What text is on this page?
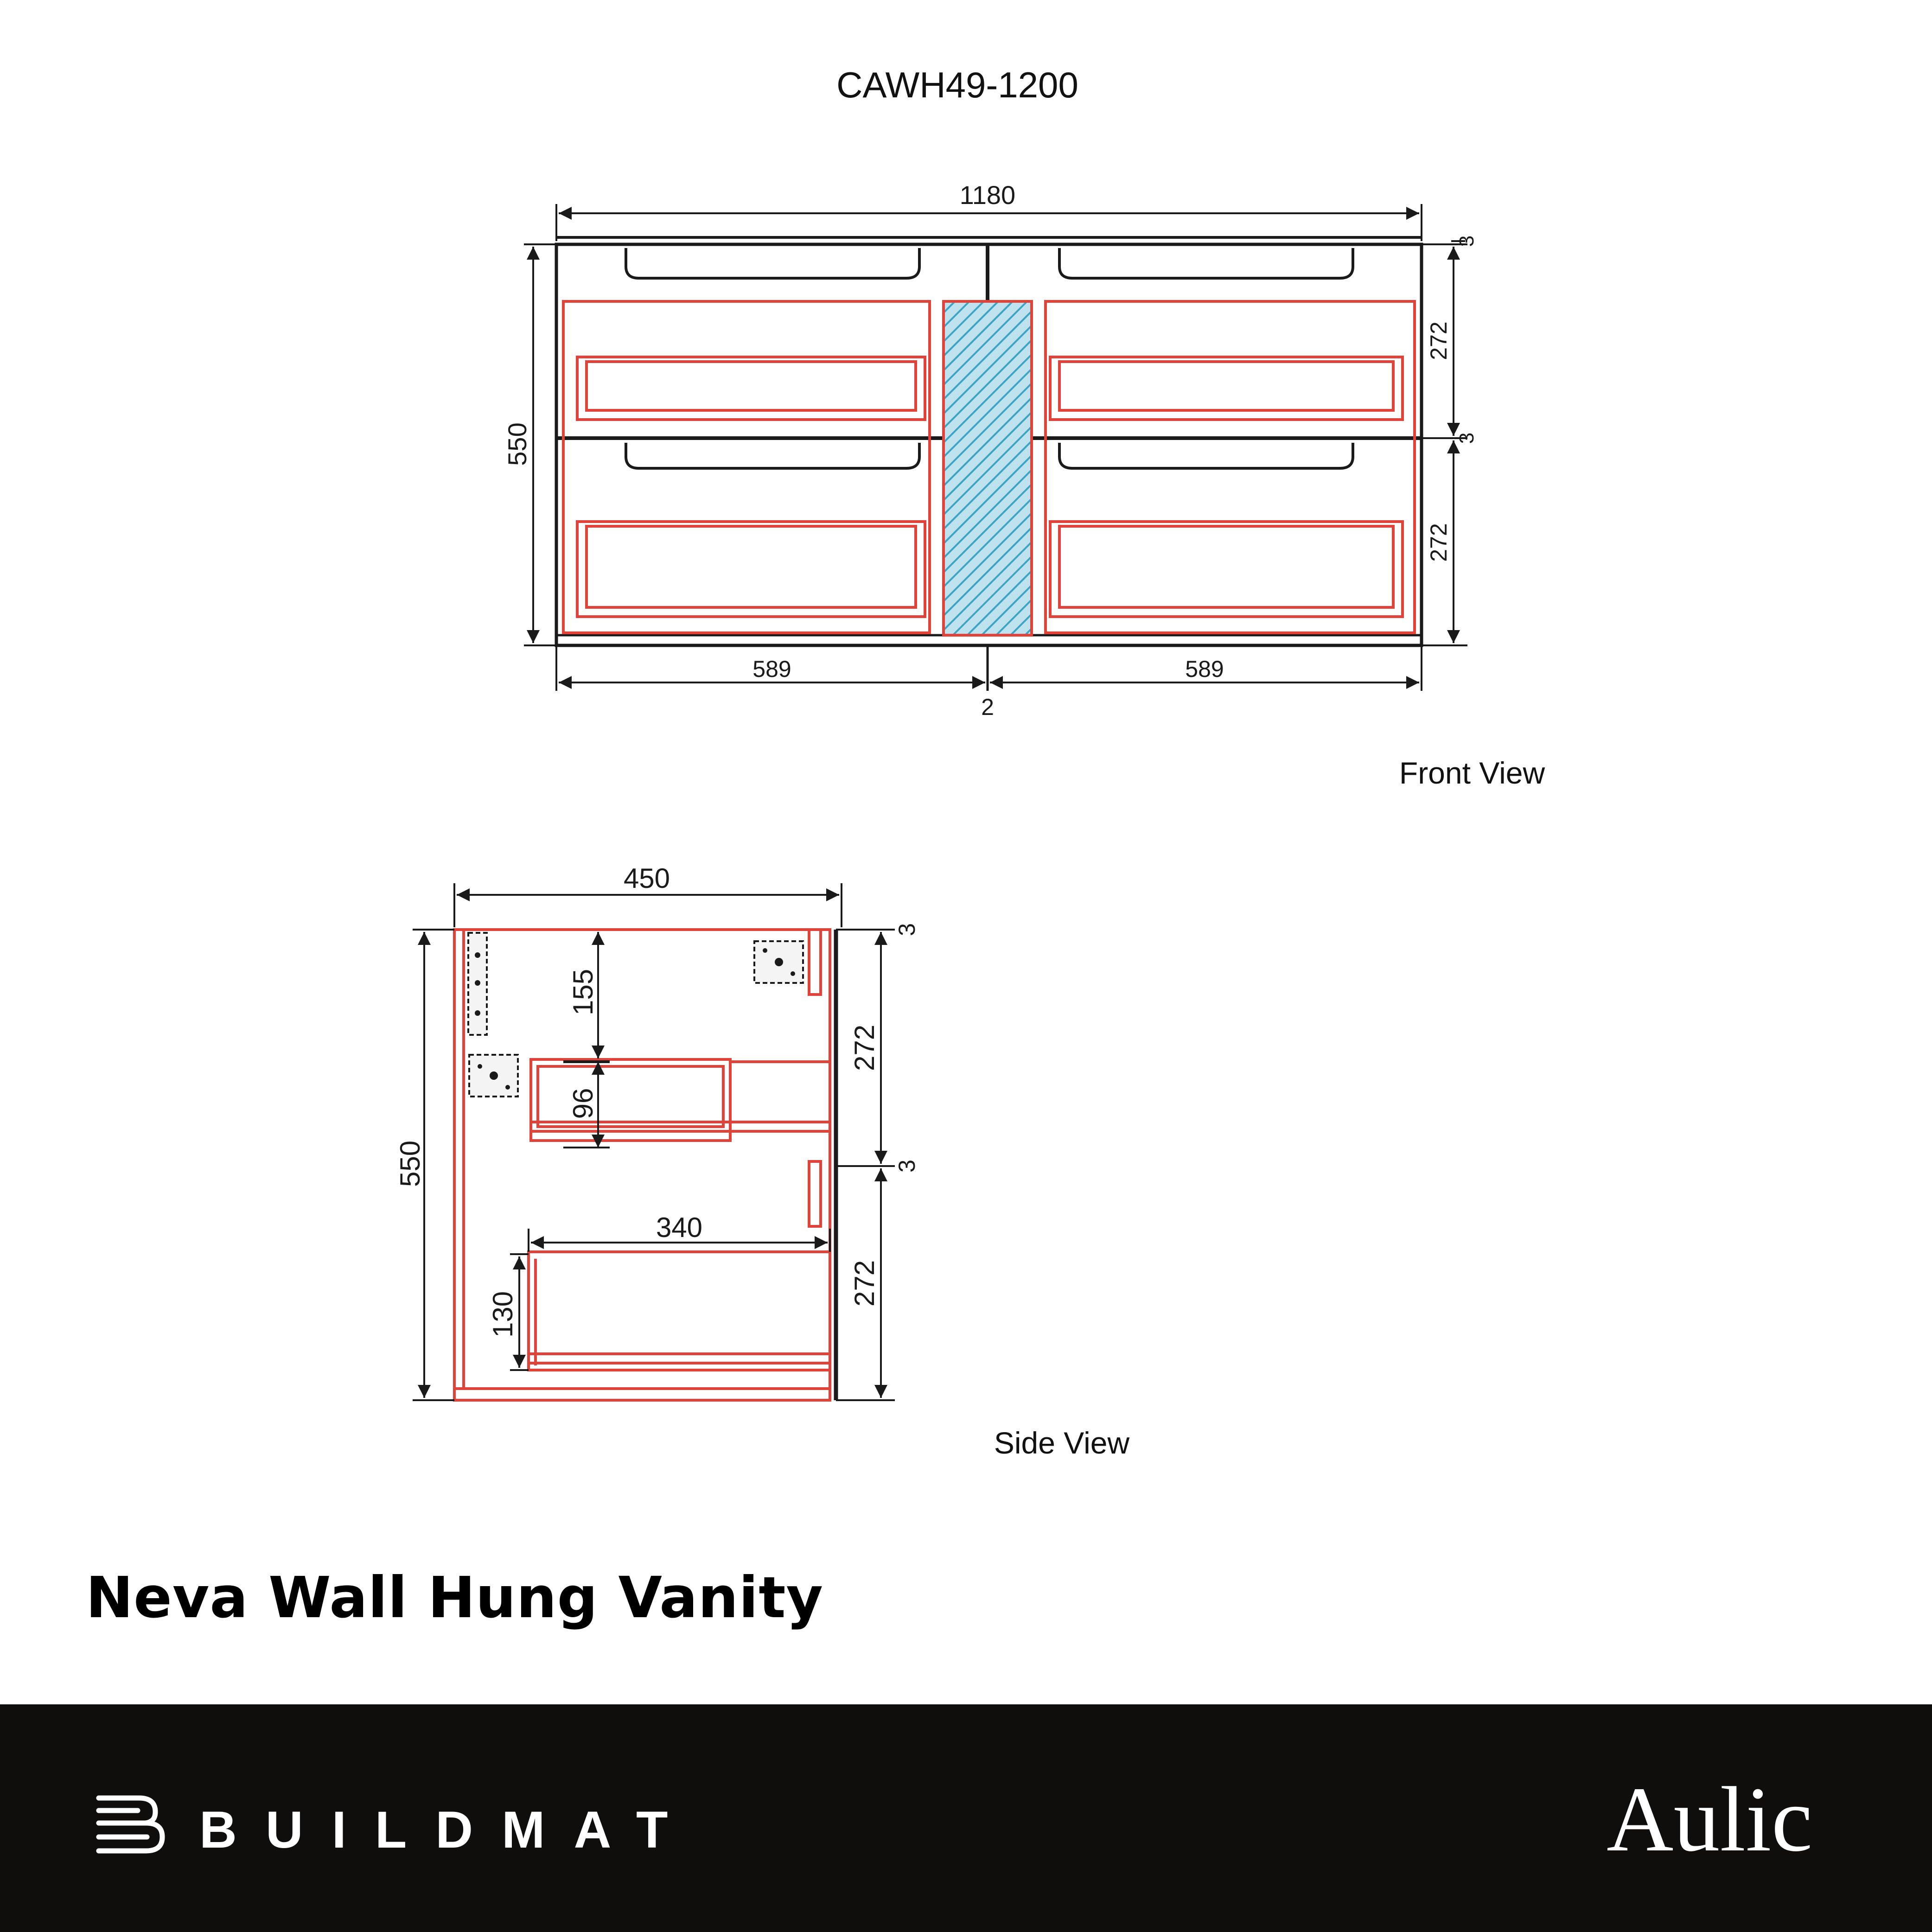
CAWH49-1200
1180
550
272
272
3
3
589	589
2
Front View
450
550
155
96
340
130
272
272
3
3
Side View
Neva Wall Hung Vanity
BUILDMAT	Aulic
